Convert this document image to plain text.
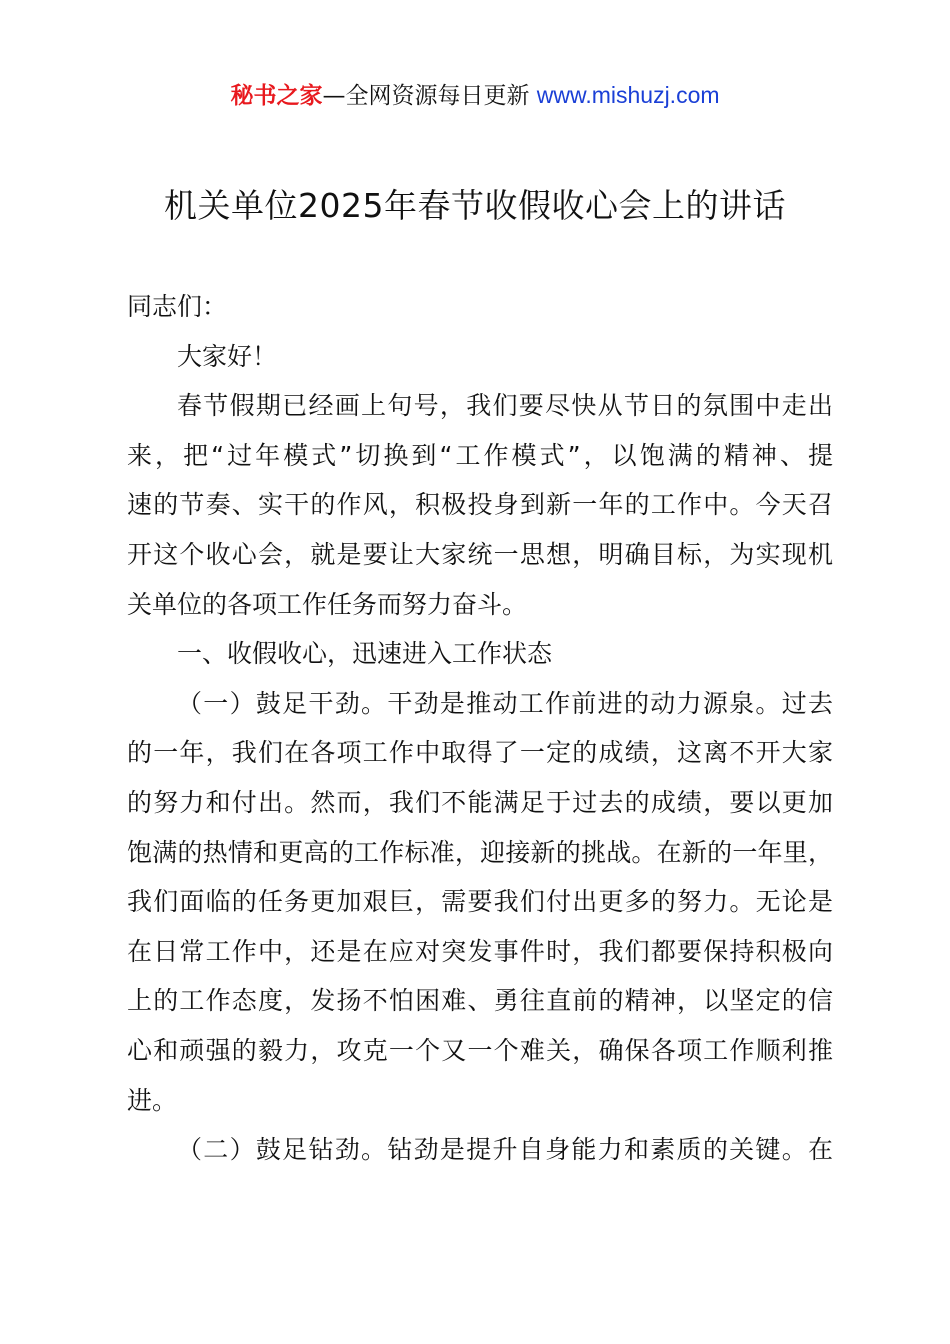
秘书之家—全网资源每日更新 www.mishuzj.com
机关单位2025年春节收假收心会上的讲话
同志们：
大家好！
春节假期已经画上句号，我们要尽快从节日的氛围中走出
来，把“过年模式”切换到“工作模式”，以饱满的精神、提
速的节奏、实干的作风，积极投身到新一年的工作中。今天召
开这个收心会，就是要让大家统一思想，明确目标，为实现机
关单位的各项工作任务而努力奋斗。
一、收假收心，迅速进入工作状态
（一）鼓足干劲。干劲是推动工作前进的动力源泉。过去
的一年，我们在各项工作中取得了一定的成绩，这离不开大家
的努力和付出。然而，我们不能满足于过去的成绩，要以更加
饱满的热情和更高的工作标准，迎接新的挑战。在新的一年里，
我们面临的任务更加艰巨，需要我们付出更多的努力。无论是
在日常工作中，还是在应对突发事件时，我们都要保持积极向
上的工作态度，发扬不怕困难、勇往直前的精神，以坚定的信
心和顽强的毅力，攻克一个又一个难关，确保各项工作顺利推
进。
（二）鼓足钻劲。钻劲是提升自身能力和素质的关键。在
